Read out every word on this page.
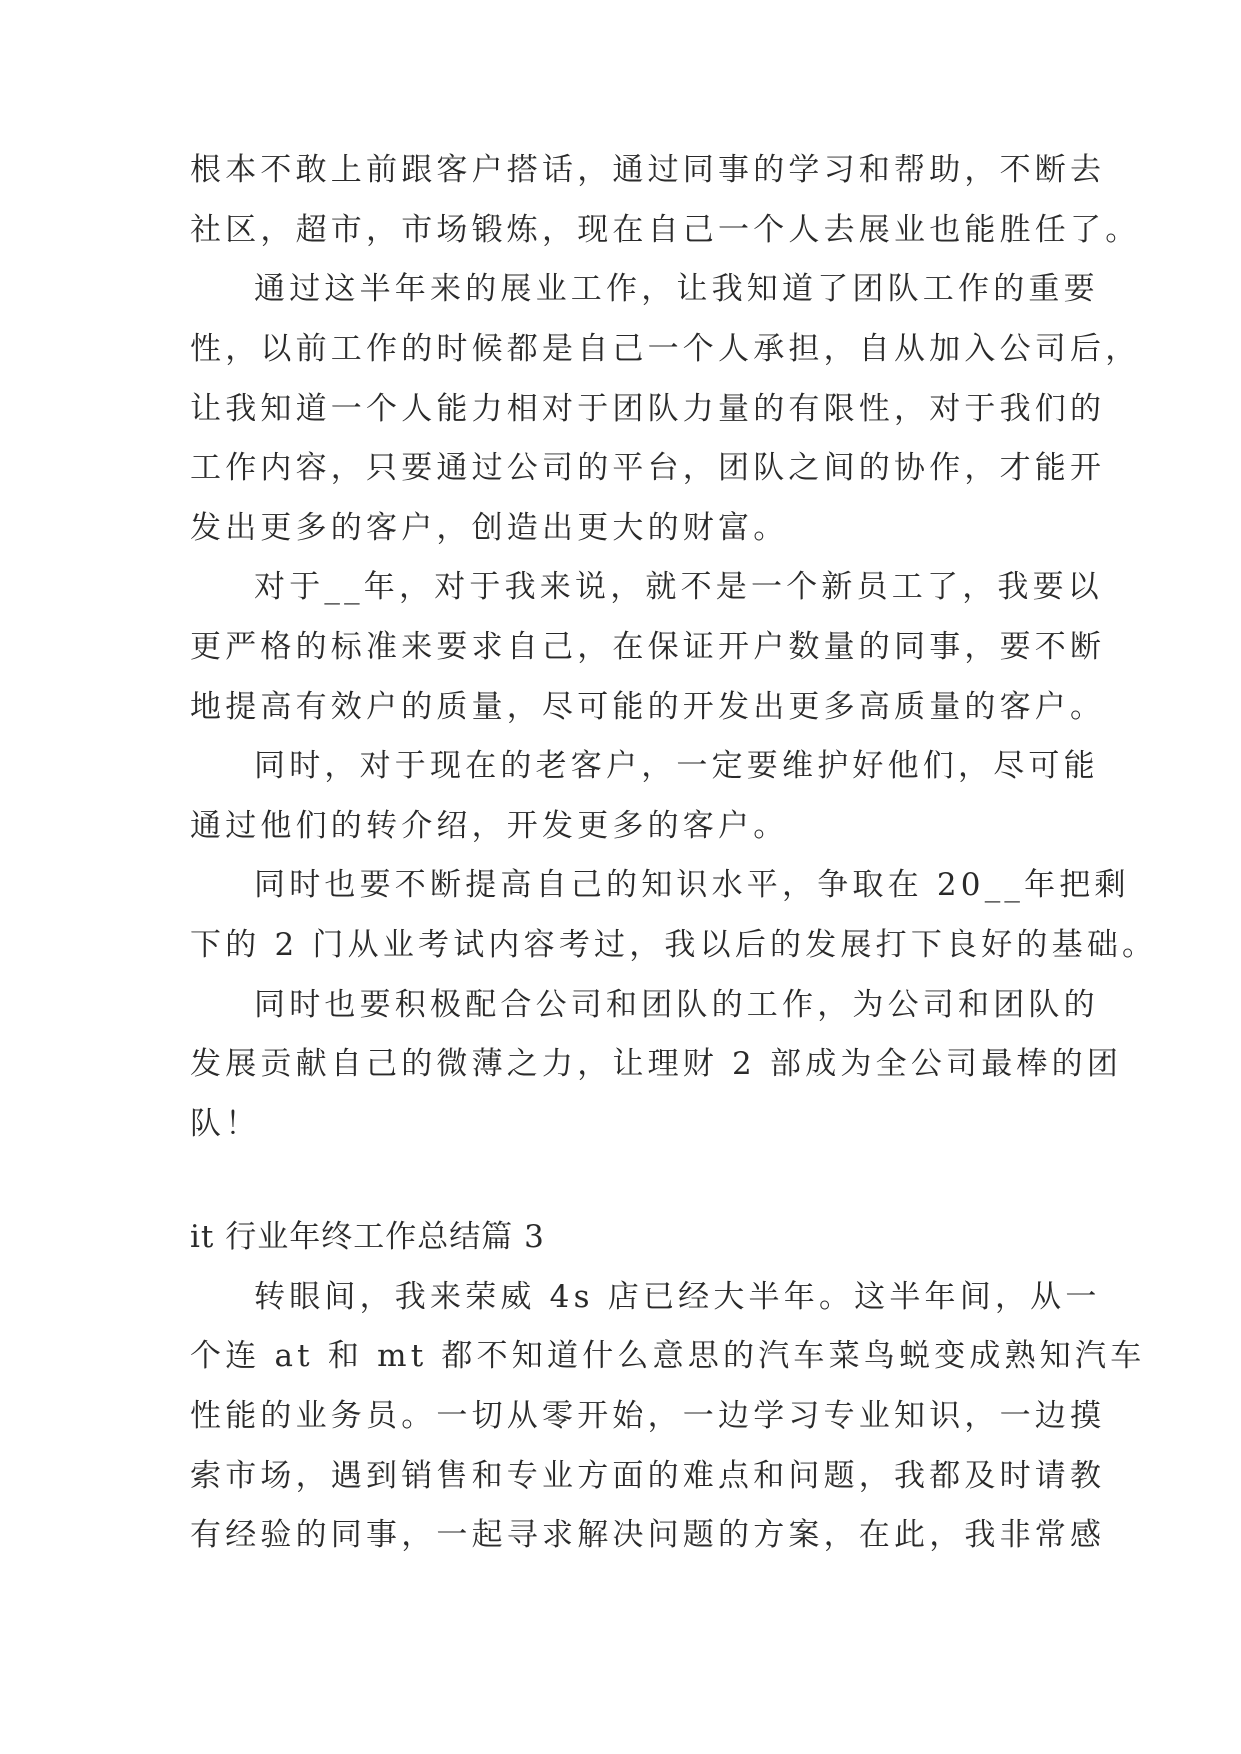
根本不敢上前跟客户搭话，通过同事的学习和帮助，不断去
社区，超市，市场锻炼，现在自己一个人去展业也能胜任了。
通过这半年来的展业工作，让我知道了团队工作的重要
性，以前工作的时候都是自己一个人承担，自从加入公司后，
让我知道一个人能力相对于团队力量的有限性，对于我们的
工作内容，只要通过公司的平台，团队之间的协作，才能开
发出更多的客户，创造出更大的财富。
对于__年，对于我来说，就不是一个新员工了，我要以
更严格的标准来要求自己，在保证开户数量的同事，要不断
地提高有效户的质量，尽可能的开发出更多高质量的客户。
同时，对于现在的老客户，一定要维护好他们，尽可能
通过他们的转介绍，开发更多的客户。
同时也要不断提高自己的知识水平，争取在 20__年把剩
下的 2 门从业考试内容考过，我以后的发展打下良好的基础。
同时也要积极配合公司和团队的工作，为公司和团队的
发展贡献自己的微薄之力，让理财 2 部成为全公司最棒的团
队！
it 行业年终工作总结篇 3
转眼间，我来荣威 4s 店已经大半年。这半年间，从一
个连 at 和 mt 都不知道什么意思的汽车菜鸟蜕变成熟知汽车
性能的业务员。一切从零开始，一边学习专业知识，一边摸
索市场，遇到销售和专业方面的难点和问题，我都及时请教
有经验的同事，一起寻求解决问题的方案，在此，我非常感
